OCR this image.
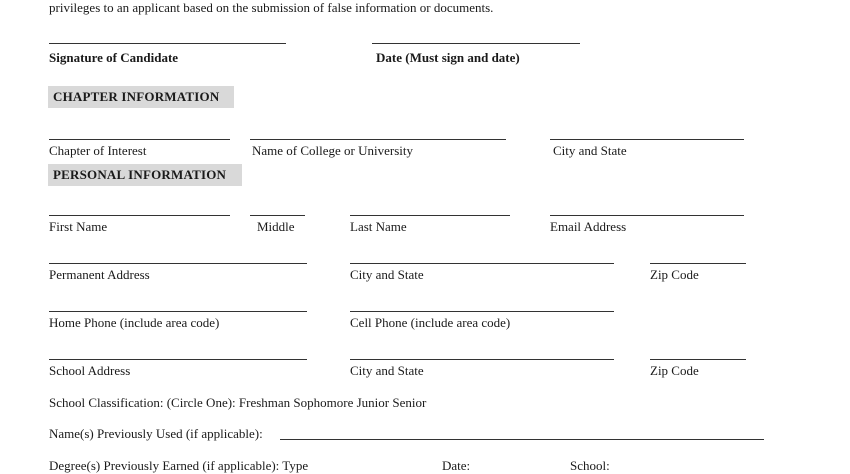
privileges to an applicant based on the submission of false information or documents.
Signature of Candidate	Date (Must sign and date)
CHAPTER INFORMATION
Chapter of Interest	Name of College or University	City and State
PERSONAL INFORMATION
First Name	Middle	Last Name	Email Address
Permanent Address	City and State	Zip Code
Home Phone (include area code)	Cell Phone (include area code)
School Address	City and State	Zip Code
School Classification: (Circle One): Freshman Sophomore Junior Senior
Name(s) Previously Used (if applicable):
Degree(s) Previously Earned (if applicable): Type	Date:	School:
